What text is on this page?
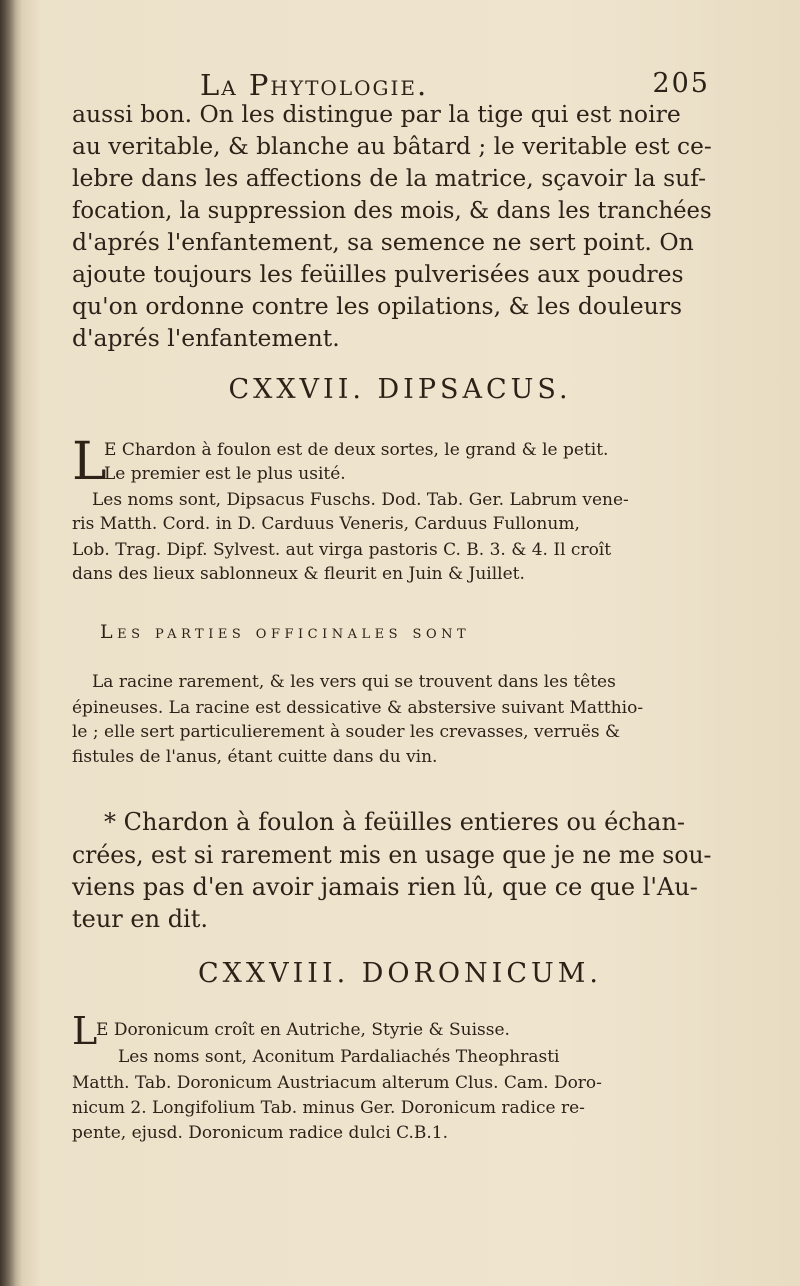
La Phytologie.	205
aussi bon. On les distingue par la tige qui est noire
au veritable, & blanche au bâtard ; le veritable est ce-
lebre dans les affections de la matrice, sçavoir la suf-
focation, la suppression des mois, & dans les tranchées
d'aprés l'enfantement, sa semence ne sert point. On
ajoute toujours les feüilles pulverisées aux poudres
qu'on ordonne contre les opilations, & les douleurs
d'aprés l'enfantement.
CXXVII. DIPSACUS.
L
E Chardon à foulon est de deux sortes, le grand & le petit.
Le premier est le plus usité.
Les noms sont, Dipsacus Fuschs. Dod. Tab. Ger. Labrum vene-
ris Matth. Cord. in D. Carduus Veneris, Carduus Fullonum,
Lob. Trag. Dipf. Sylvest. aut virga pastoris C. B. 3. & 4. Il croît
dans des lieux sablonneux & fleurit en Juin & Juillet.
Les parties officinales sont
La racine rarement, & les vers qui se trouvent dans les têtes
épineuses. La racine est dessicative & abstersive suivant Matthio-
le ; elle sert particulierement à souder les crevasses, verruës &
fistules de l'anus, étant cuitte dans du vin.
* Chardon à foulon à feüilles entieres ou échan-
crées, est si rarement mis en usage que je ne me sou-
viens pas d'en avoir jamais rien lû, que ce que l'Au-
teur en dit.
CXXVIII. DORONICUM.
L
E Doronicum croît en Autriche, Styrie & Suisse.
Les noms sont, Aconitum Pardaliachés Theophrasti
Matth. Tab. Doronicum Austriacum alterum Clus. Cam. Doro-
nicum 2. Longifolium Tab. minus Ger. Doronicum radice re-
pente, ejusd. Doronicum radice dulci C.B.1.
